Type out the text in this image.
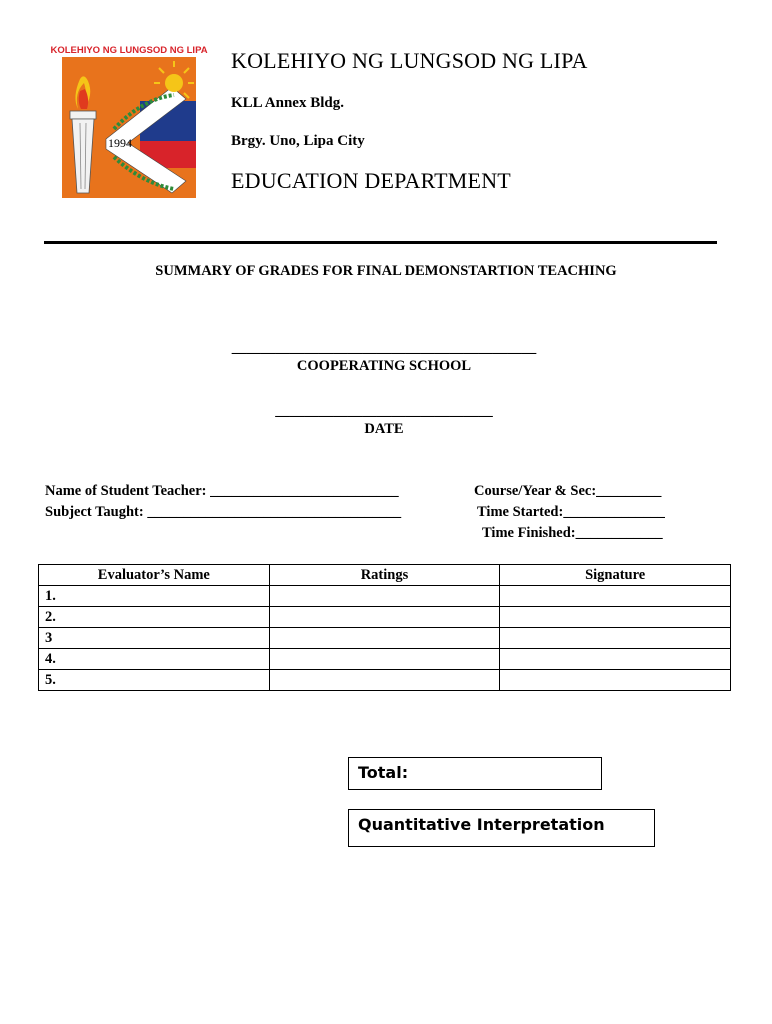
KOLEHIYO NG LUNGSOD NG LIPA
1994
KOLEHIYO NG LUNGSOD NG LIPA
KLL Annex Bldg.
Brgy. Uno, Lipa City
EDUCATION DEPARTMENT
SUMMARY OF GRADES FOR FINAL DEMONSTARTION TEACHING
__________________________________________
COOPERATING SCHOOL
______________________________
DATE
Name of Student Teacher: __________________________	Course/Year & Sec:_________
Subject Taught: ___________________________________	Time Started:______________
Time Finished:____________
Evaluator’s Name	Ratings	Signature
1.		
2.		
3		
4.		
5.		
Total:
Quantitative Interpretation
